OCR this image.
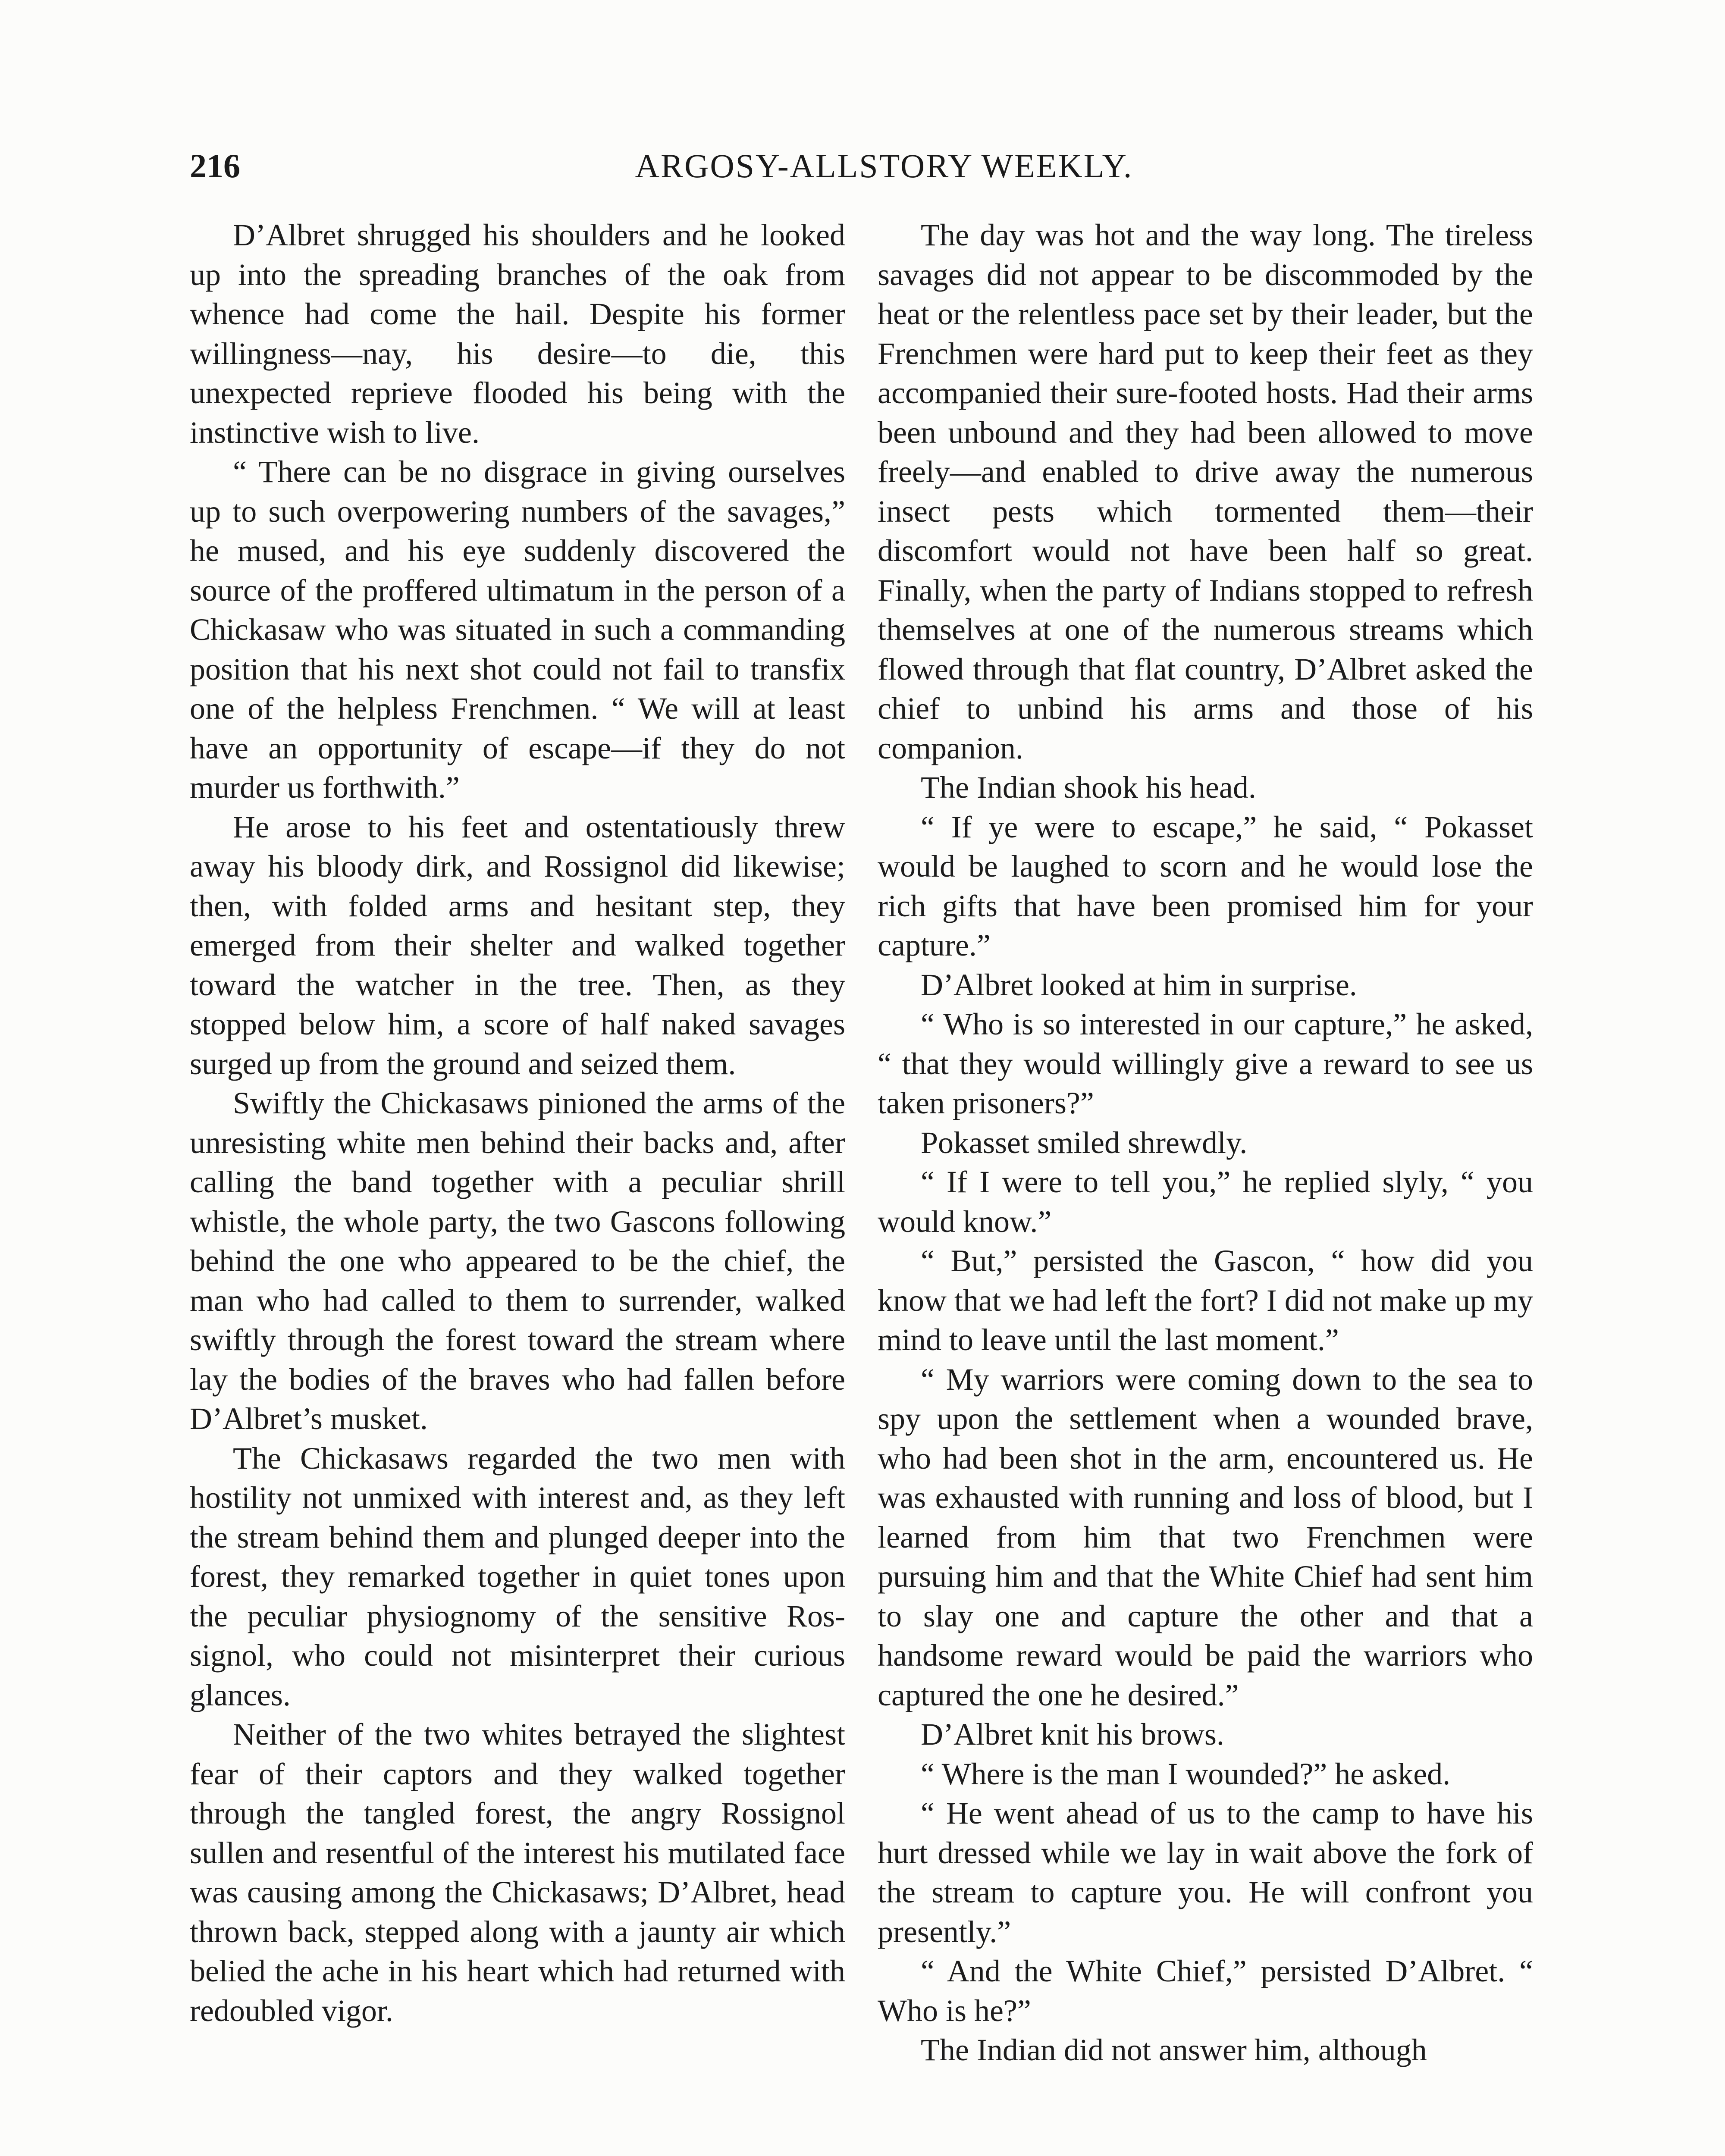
216	ARGOSY-ALLSTORY WEEKLY.

D’Albret shrugged his shoulders and he looked up into the spreading branches of the oak from whence had come the hail. Despite his former willingness—nay, his desire—to die, this unexpected reprieve flooded his being with the instinctive wish to live.

“ There can be no disgrace in giving ourselves up to such overpowering numbers of the savages,” he mused, and his eye suddenly discovered the source of the proffered ultimatum in the person of a Chickasaw who was situated in such a commanding position that his next shot could not fail to transfix one of the helpless Frenchmen. “ We will at least have an opportunity of escape—if they do not murder us forthwith.”

He arose to his feet and ostentatiously threw away his bloody dirk, and Rossignol did likewise; then, with folded arms and hesitant step, they emerged from their shelter and walked together toward the watcher in the tree. Then, as they stopped below him, a score of half naked savages surged up from the ground and seized them.

Swiftly the Chickasaws pinioned the arms of the unresisting white men behind their backs and, after calling the band together with a peculiar shrill whistle, the whole party, the two Gascons following behind the one who appeared to be the chief, the man who had called to them to surrender, walked swiftly through the forest toward the stream where lay the bodies of the braves who had fallen before D’Albret’s musket.

The Chickasaws regarded the two men with hostility not unmixed with interest and, as they left the stream behind them and plunged deeper into the forest, they remarked together in quiet tones upon the peculiar physiognomy of the sensitive Rossignol, who could not misinterpret their curious glances.

Neither of the two whites betrayed the slightest fear of their captors and they walked together through the tangled forest, the angry Rossignol sullen and resentful of the interest his mutilated face was causing among the Chickasaws; D’Albret, head thrown back, stepped along with a jaunty air which belied the ache in his heart which had returned with redoubled vigor.

The day was hot and the way long. The tireless savages did not appear to be discommoded by the heat or the relentless pace set by their leader, but the Frenchmen were hard put to keep their feet as they accompanied their sure-footed hosts. Had their arms been unbound and they had been allowed to move freely—and enabled to drive away the numerous insect pests which tormented them—their discomfort would not have been half so great. Finally, when the party of Indians stopped to refresh themselves at one of the numerous streams which flowed through that flat country, D’Albret asked the chief to unbind his arms and those of his companion.

The Indian shook his head.

“ If ye were to escape,” he said, “ Pokasset would be laughed to scorn and he would lose the rich gifts that have been promised him for your capture.”

D’Albret looked at him in surprise.

“ Who is so interested in our capture,” he asked, “ that they would willingly give a reward to see us taken prisoners?”

Pokasset smiled shrewdly.

“ If I were to tell you,” he replied slyly, “ you would know.”

“ But,” persisted the Gascon, “ how did you know that we had left the fort? I did not make up my mind to leave until the last moment.”

“ My warriors were coming down to the sea to spy upon the settlement when a wounded brave, who had been shot in the arm, encountered us. He was exhausted with running and loss of blood, but I learned from him that two Frenchmen were pursuing him and that the White Chief had sent him to slay one and capture the other and that a handsome reward would be paid the warriors who captured the one he desired.”

D’Albret knit his brows.

“ Where is the man I wounded?” he asked.

“ He went ahead of us to the camp to have his hurt dressed while we lay in wait above the fork of the stream to capture you. He will confront you presently.”

“ And the White Chief,” persisted D’Albret. “ Who is he?”

The Indian did not answer him, although
